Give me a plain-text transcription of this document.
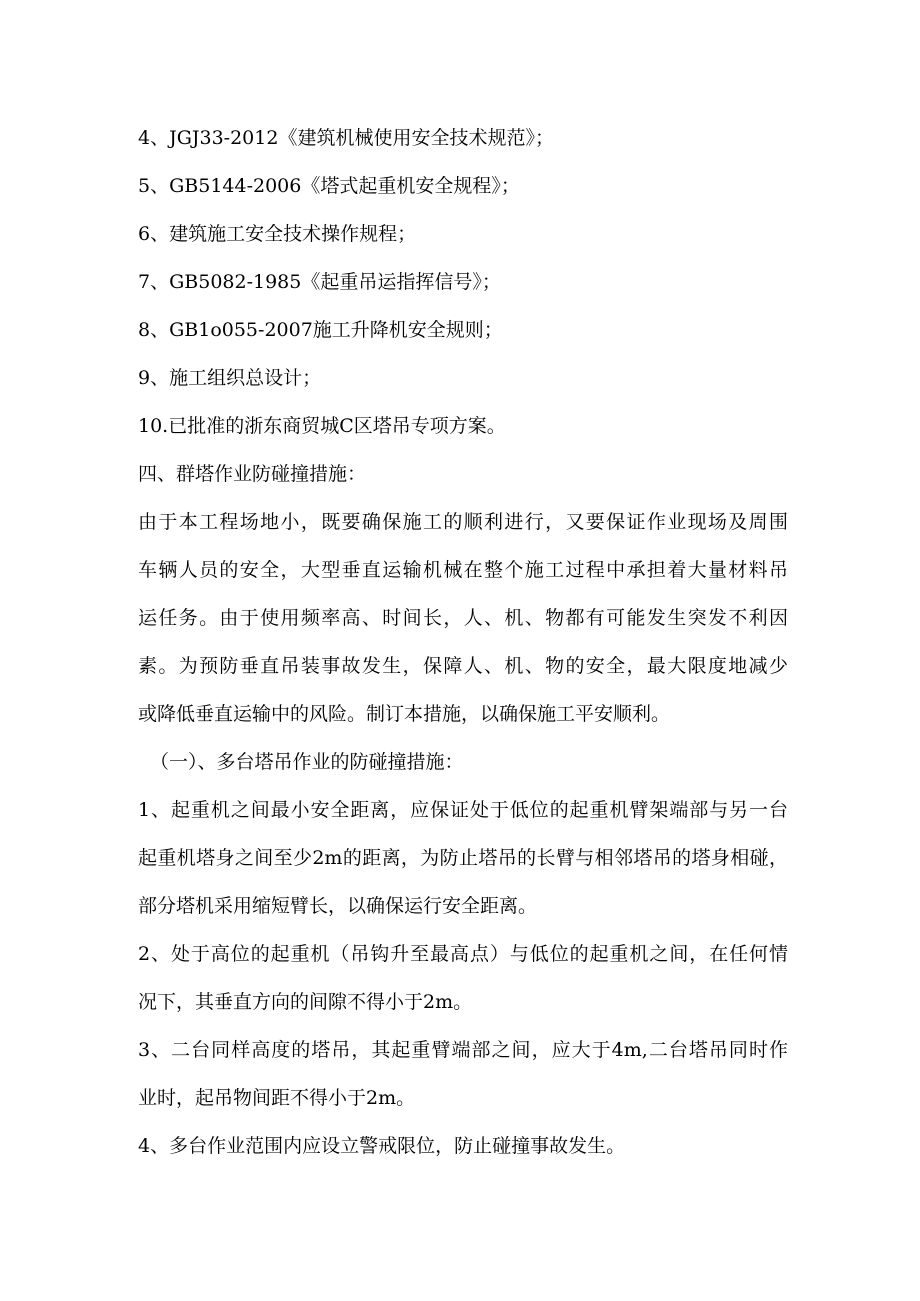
4、JGJ33-2012《建筑机械使用安全技术规范》；
5、GB5144-2006《塔式起重机安全规程》；
6、建筑施工安全技术操作规程；
7、GB5082-1985《起重吊运指挥信号》；
8、GB1o055-2007施工升降机安全规则；
9、施工组织总设计；
10.已批准的浙东商贸城C区塔吊专项方案。
四、群塔作业防碰撞措施：
由于本工程场地小，既要确保施工的顺利进行，又要保证作业现场及周围
车辆人员的安全，大型垂直运输机械在整个施工过程中承担着大量材料吊
运任务。由于使用频率高、时间长，人、机、物都有可能发生突发不利因
素。为预防垂直吊装事故发生，保障人、机、物的安全，最大限度地减少
或降低垂直运输中的风险。制订本措施，以确保施工平安顺利。
（一）、多台塔吊作业的防碰撞措施：
1、起重机之间最小安全距离，应保证处于低位的起重机臂架端部与另一台
起重机塔身之间至少2m的距离，为防止塔吊的长臂与相邻塔吊的塔身相碰，
部分塔机采用缩短臂长，以确保运行安全距离。
2、处于高位的起重机（吊钩升至最高点）与低位的起重机之间，在任何情
况下，其垂直方向的间隙不得小于2m。
3、二台同样高度的塔吊，其起重臂端部之间，应大于4m,二台塔吊同时作
业时，起吊物间距不得小于2m。
4、多台作业范围内应设立警戒限位，防止碰撞事故发生。
